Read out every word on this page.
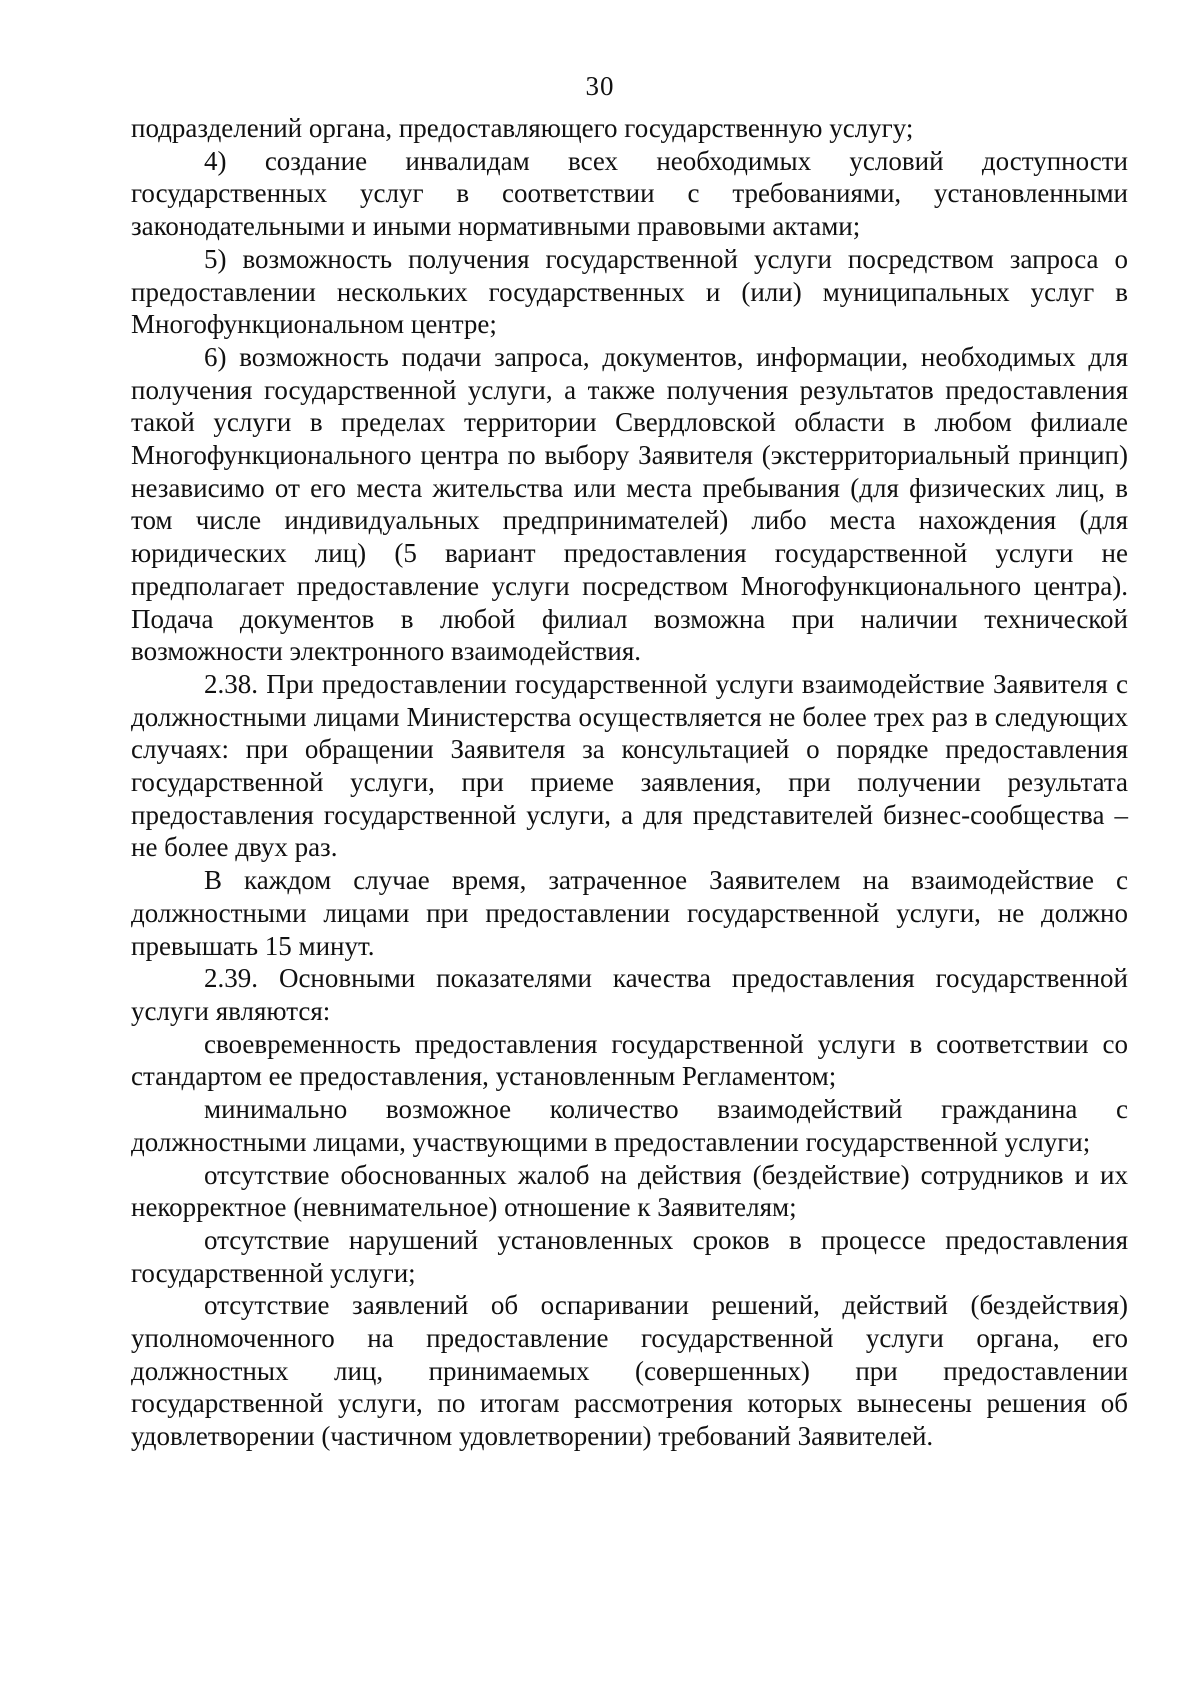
30

подразделений органа, предоставляющего государственную услугу;

4) создание инвалидам всех необходимых условий доступности государственных услуг в соответствии с требованиями, установленными законодательными и иными нормативными правовыми актами;

5) возможность получения государственной услуги посредством запроса о предоставлении нескольких государственных и (или) муниципальных услуг в Многофункциональном центре;

6) возможность подачи запроса, документов, информации, необходимых для получения государственной услуги, а также получения результатов предоставления такой услуги в пределах территории Свердловской области в любом филиале Многофункционального центра по выбору Заявителя (экстерриториальный принцип) независимо от его места жительства или места пребывания (для физических лиц, в том числе индивидуальных предпринимателей) либо места нахождения (для юридических лиц) (5 вариант предоставления государственной услуги не предполагает предоставление услуги посредством Многофункционального центра). Подача документов в любой филиал возможна при наличии технической возможности электронного взаимодействия.

2.38. При предоставлении государственной услуги взаимодействие Заявителя с должностными лицами Министерства осуществляется не более трех раз в следующих случаях: при обращении Заявителя за консультацией о порядке предоставления государственной услуги, при приеме заявления, при получении результата предоставления государственной услуги, а для представителей бизнес-сообщества – не более двух раз.

В каждом случае время, затраченное Заявителем на взаимодействие с должностными лицами при предоставлении государственной услуги, не должно превышать 15 минут.

2.39. Основными показателями качества предоставления государственной услуги являются:

своевременность предоставления государственной услуги в соответствии со стандартом ее предоставления, установленным Регламентом;

минимально возможное количество взаимодействий гражданина с должностными лицами, участвующими в предоставлении государственной услуги;

отсутствие обоснованных жалоб на действия (бездействие) сотрудников и их некорректное (невнимательное) отношение к Заявителям;

отсутствие нарушений установленных сроков в процессе предоставления государственной услуги;

отсутствие заявлений об оспаривании решений, действий (бездействия) уполномоченного на предоставление государственной услуги органа, его должностных лиц, принимаемых (совершенных) при предоставлении государственной услуги, по итогам рассмотрения которых вынесены решения об удовлетворении (частичном удовлетворении) требований Заявителей.
